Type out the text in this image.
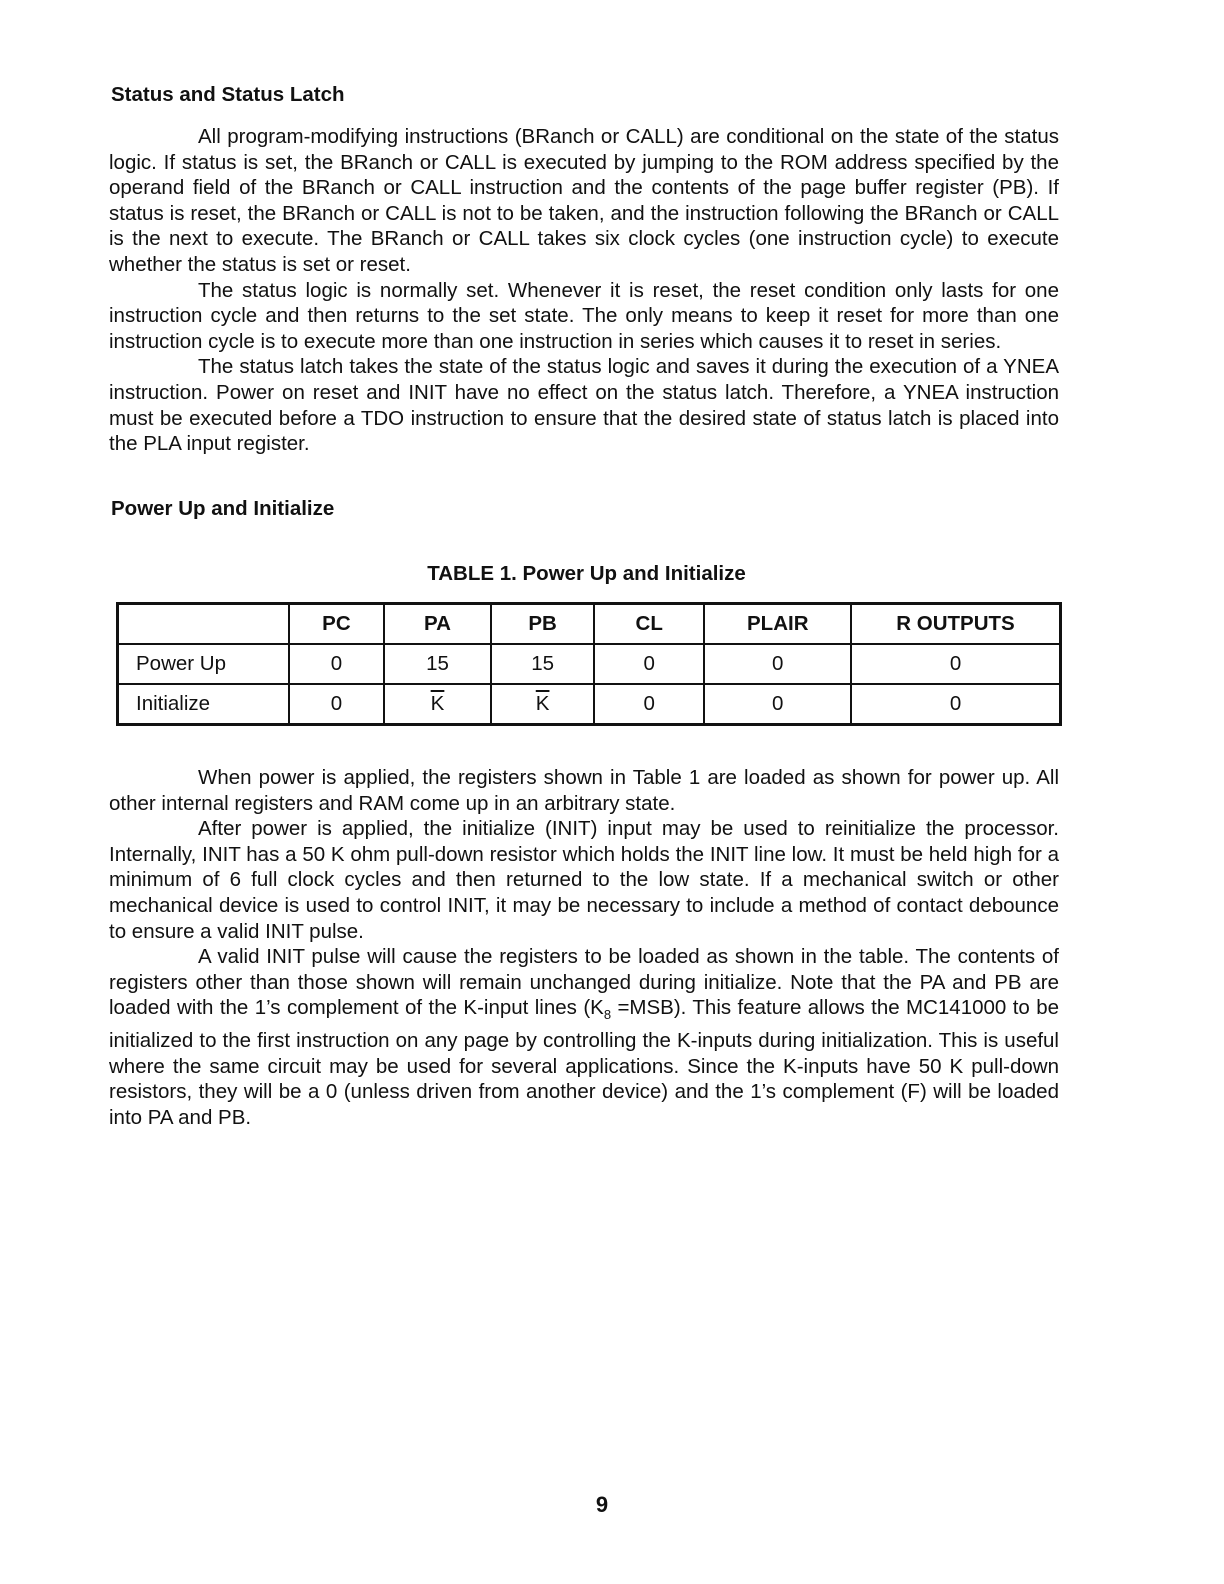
Status and Status Latch

All program-modifying instructions (BRanch or CALL) are conditional on the state of the status logic. If status is set, the BRanch or CALL is executed by jumping to the ROM address specified by the operand field of the BRanch or CALL instruction and the contents of the page buffer register (PB). If status is reset, the BRanch or CALL is not to be taken, and the instruction following the BRanch or CALL is the next to execute. The BRanch or CALL takes six clock cycles (one instruction cycle) to execute whether the status is set or reset.

The status logic is normally set. Whenever it is reset, the reset condition only lasts for one instruction cycle and then returns to the set state. The only means to keep it reset for more than one instruction cycle is to execute more than one instruction in series which causes it to reset in series.

The status latch takes the state of the status logic and saves it during the execution of a YNEA instruction. Power on reset and INIT have no effect on the status latch. Therefore, a YNEA instruction must be executed before a TDO instruction to ensure that the desired state of status latch is placed into the PLA input register.

Power Up and Initialize
TABLE 1. Power Up and Initialize
	PC	PA	PB	CL	PLAIR	R OUTPUTS
Power Up	0	15	15	0	0	0
Initialize	0	$\overline{K}$	$\overline{K}$	0	0	0

When power is applied, the registers shown in Table 1 are loaded as shown for power up. All other internal registers and RAM come up in an arbitrary state.

After power is applied, the initialize (INIT) input may be used to reinitialize the processor. Internally, INIT has a 50 K ohm pull-down resistor which holds the INIT line low. It must be held high for a minimum of 6 full clock cycles and then returned to the low state. If a mechanical switch or other mechanical device is used to control INIT, it may be necessary to include a method of contact debounce to ensure a valid INIT pulse.

A valid INIT pulse will cause the registers to be loaded as shown in the table. The contents of registers other than those shown will remain unchanged during initialize. Note that the PA and PB are loaded with the 1’s complement of the K-input lines $(K_8 =MSB)$. This feature allows the MC141000 to be initialized to the first instruction on any page by controlling the K-inputs during initialization. This is useful where the same circuit may be used for several applications. Since the K-inputs have 50 K pull-down resistors, they will be a 0 (unless driven from another device) and the 1’s complement (F) will be loaded into PA and PB.

9
